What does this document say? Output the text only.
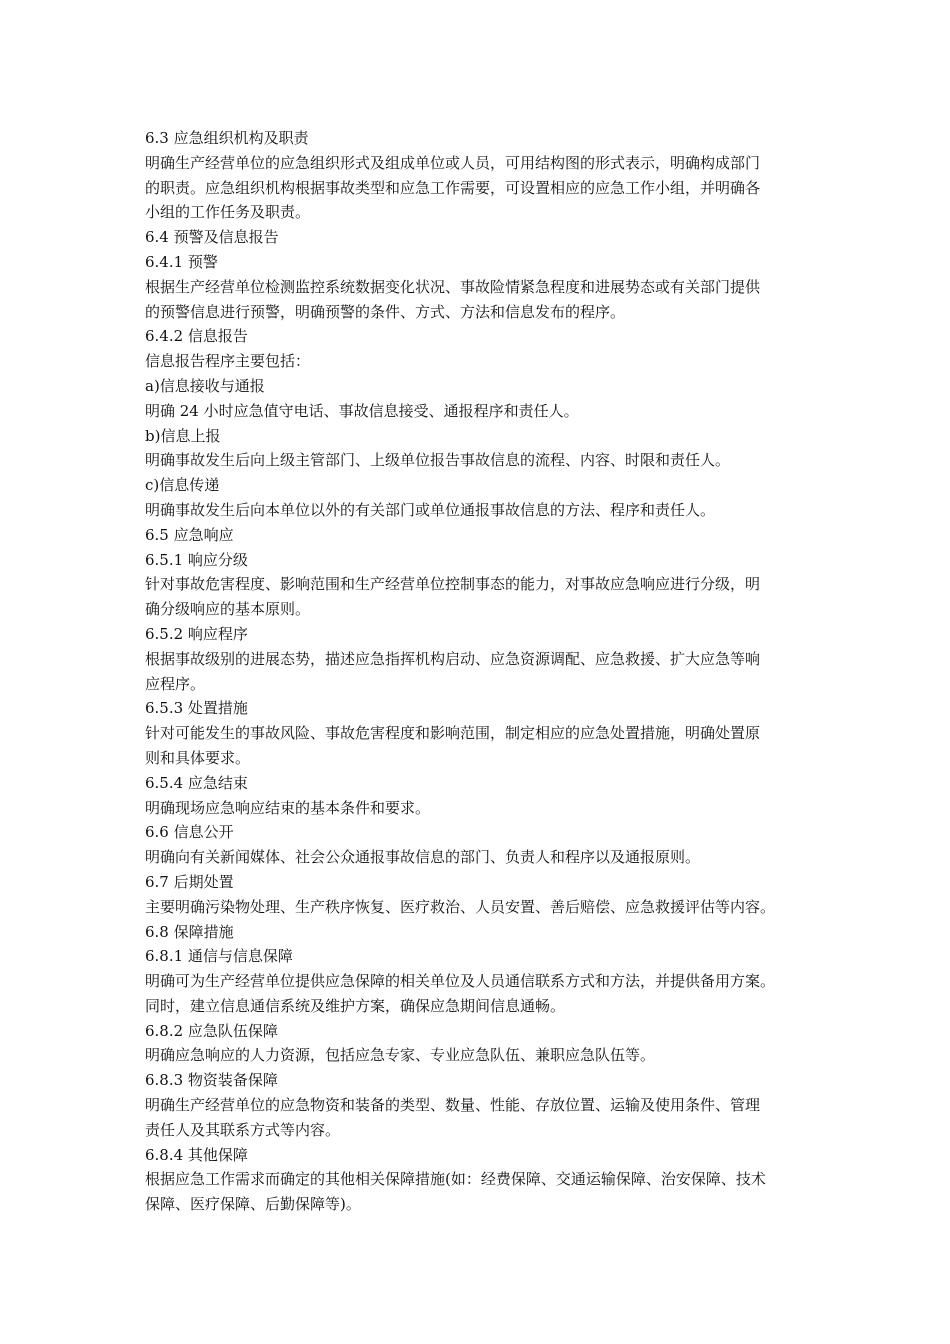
6.3 应急组织机构及职责
明确生产经营单位的应急组织形式及组成单位或人员，可用结构图的形式表示，明确构成部门
的职责。应急组织机构根据事故类型和应急工作需要，可设置相应的应急工作小组，并明确各
小组的工作任务及职责。
6.4 预警及信息报告
6.4.1 预警
根据生产经营单位检测监控系统数据变化状况、事故险情紧急程度和进展势态或有关部门提供
的预警信息进行预警，明确预警的条件、方式、方法和信息发布的程序。
6.4.2 信息报告
信息报告程序主要包括：
a)信息接收与通报
明确 24 小时应急值守电话、事故信息接受、通报程序和责任人。
b)信息上报
明确事故发生后向上级主管部门、上级单位报告事故信息的流程、内容、时限和责任人。
c)信息传递
明确事故发生后向本单位以外的有关部门或单位通报事故信息的方法、程序和责任人。
6.5 应急响应
6.5.1 响应分级
针对事故危害程度、影响范围和生产经营单位控制事态的能力，对事故应急响应进行分级，明
确分级响应的基本原则。
6.5.2 响应程序
根据事故级别的进展态势，描述应急指挥机构启动、应急资源调配、应急救援、扩大应急等响
应程序。
6.5.3 处置措施
针对可能发生的事故风险、事故危害程度和影响范围，制定相应的应急处置措施，明确处置原
则和具体要求。
6.5.4 应急结束
明确现场应急响应结束的基本条件和要求。
6.6 信息公开
明确向有关新闻媒体、社会公众通报事故信息的部门、负责人和程序以及通报原则。
6.7 后期处置
主要明确污染物处理、生产秩序恢复、医疗救治、人员安置、善后赔偿、应急救援评估等内容。
6.8 保障措施
6.8.1 通信与信息保障
明确可为生产经营单位提供应急保障的相关单位及人员通信联系方式和方法，并提供备用方案。
同时，建立信息通信系统及维护方案，确保应急期间信息通畅。
6.8.2 应急队伍保障
明确应急响应的人力资源，包括应急专家、专业应急队伍、兼职应急队伍等。
6.8.3 物资装备保障
明确生产经营单位的应急物资和装备的类型、数量、性能、存放位置、运输及使用条件、管理
责任人及其联系方式等内容。
6.8.4 其他保障
根据应急工作需求而确定的其他相关保障措施(如：经费保障、交通运输保障、治安保障、技术
保障、医疗保障、后勤保障等)。
